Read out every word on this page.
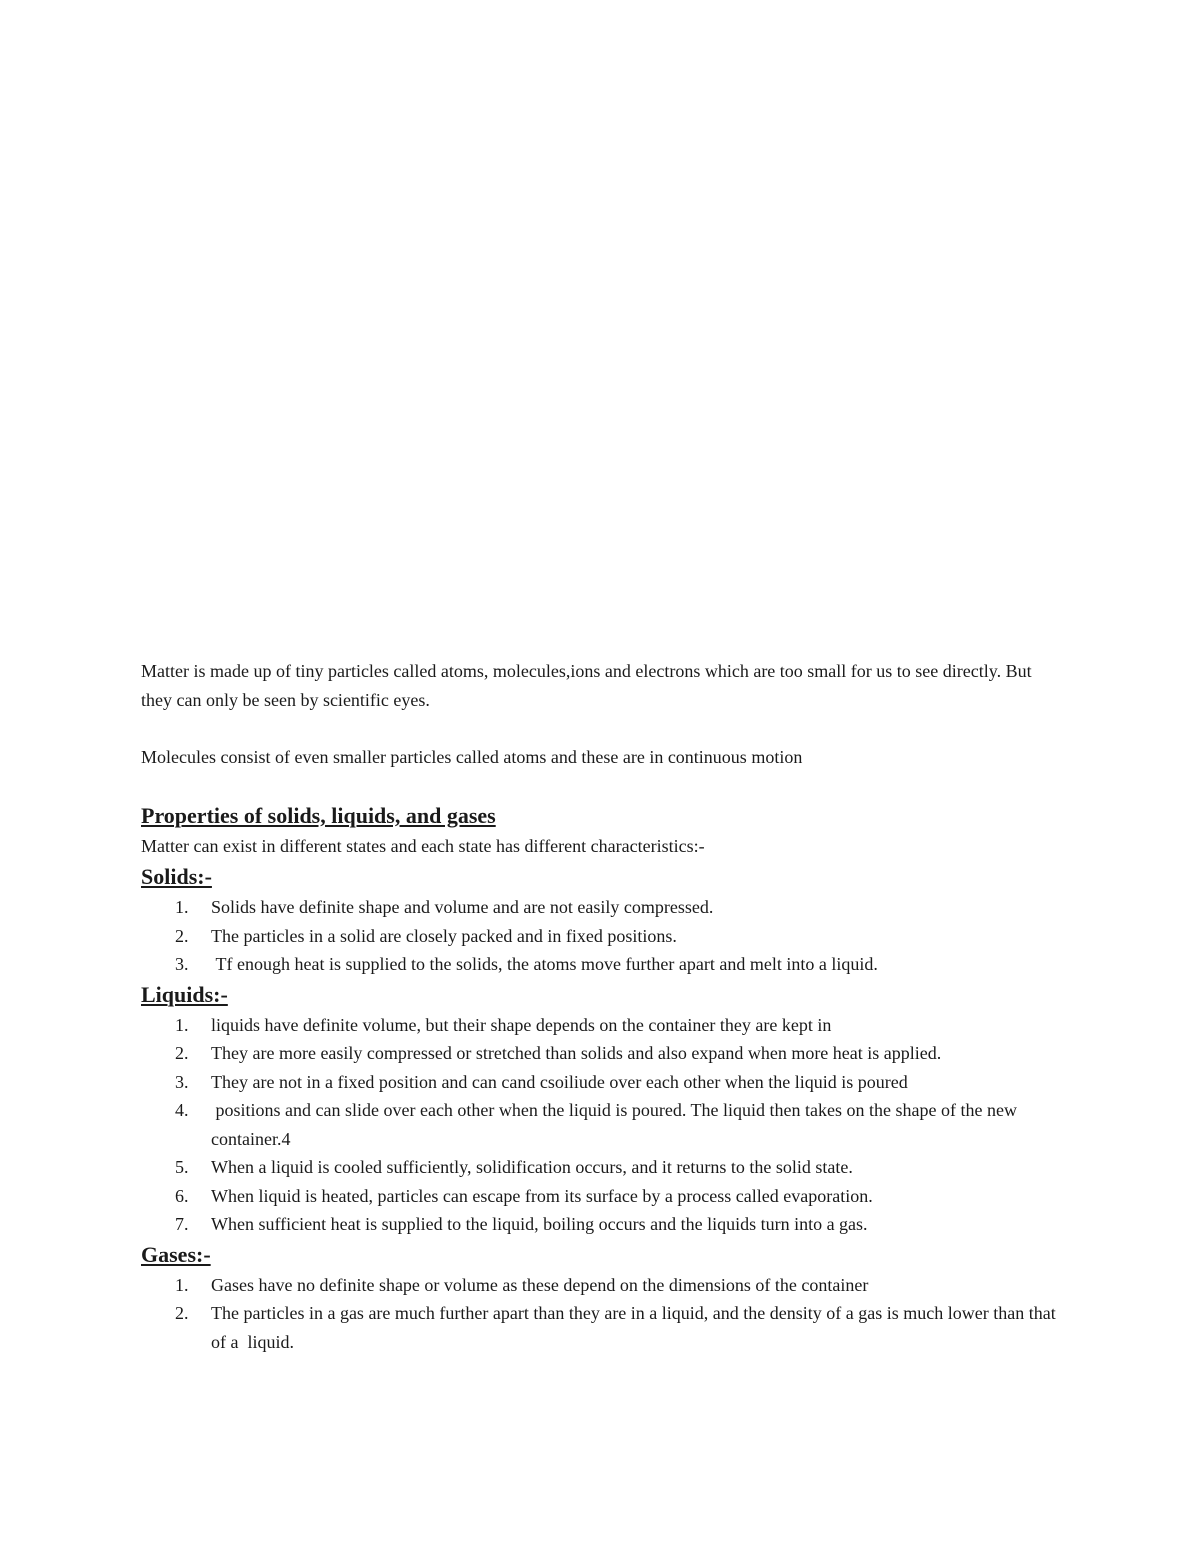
Matter is made up of tiny particles called atoms, molecules,ions and electrons which are too small for us to see directly. But they can only be seen by scientific eyes.

Molecules consist of even smaller particles called atoms and these are in continuous motion

Properties of solids, liquids, and gases

Matter can exist in different states and each state has different characteristics:-

Solids:-
1.	Solids have definite shape and volume and are not easily compressed.
2.	The particles in a solid are closely packed and in fixed positions.
3.	Tf enough heat is supplied to the solids, the atoms move further apart and melt into a liquid.
Liquids:-
1.	liquids have definite volume, but their shape depends on the container they are kept in
2.	They are more easily compressed or stretched than solids and also expand when more heat is applied.
3.	They are not in a fixed position and can cand csoiliude over each other when the liquid is poured
4.	positions and can slide over each other when the liquid is poured. The liquid then takes on the shape of the new container.4
5.	When a liquid is cooled sufficiently, solidification occurs, and it returns to the solid state.
6.	When liquid is heated, particles can escape from its surface by a process called evaporation.
7.	When sufficient heat is supplied to the liquid, boiling occurs and the liquids turn into a gas.
Gases:-
1.	Gases have no definite shape or volume as these depend on the dimensions of the container
2.	The particles in a gas are much further apart than they are in a liquid, and the density of a gas is much lower than that of a  liquid.
